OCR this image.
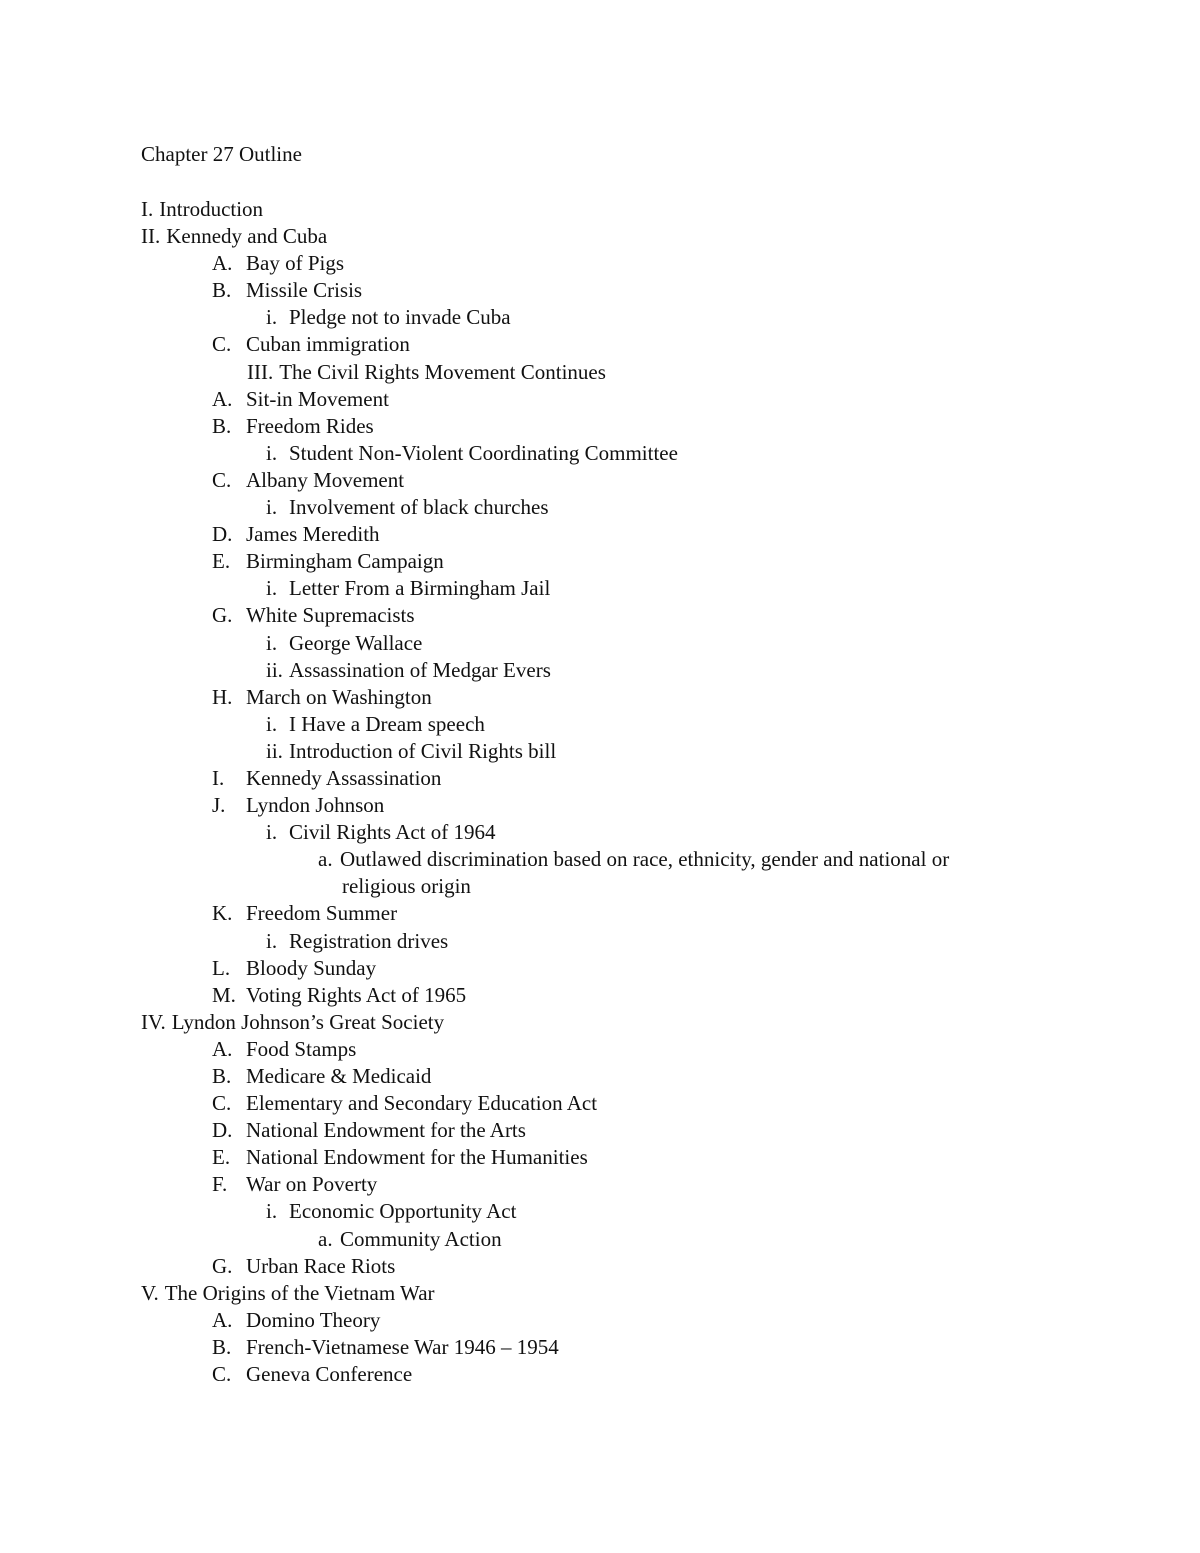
Chapter 27 Outline
I. Introduction
II. Kennedy and Cuba
A. Bay of Pigs
B. Missile Crisis
i. Pledge not to invade Cuba
C. Cuban immigration
III. The Civil Rights Movement Continues
A. Sit-in Movement
B. Freedom Rides
i. Student Non-Violent Coordinating Committee
C. Albany Movement
i. Involvement of black churches
D. James Meredith
E. Birmingham Campaign
i. Letter From a Birmingham Jail
G. White Supremacists
i. George Wallace
ii. Assassination of Medgar Evers
H. March on Washington
i. I Have a Dream speech
ii. Introduction of Civil Rights bill
I. Kennedy Assassination
J. Lyndon Johnson
i. Civil Rights Act of 1964
a. Outlawed discrimination based on race, ethnicity, gender and national or
religious origin
K. Freedom Summer
i. Registration drives
L. Bloody Sunday
M. Voting Rights Act of 1965
IV. Lyndon Johnson’s Great Society
A. Food Stamps
B. Medicare & Medicaid
C. Elementary and Secondary Education Act
D. National Endowment for the Arts
E. National Endowment for the Humanities
F. War on Poverty
i. Economic Opportunity Act
a. Community Action
G. Urban Race Riots
V. The Origins of the Vietnam War
A. Domino Theory
B. French-Vietnamese War 1946 – 1954
C. Geneva Conference
